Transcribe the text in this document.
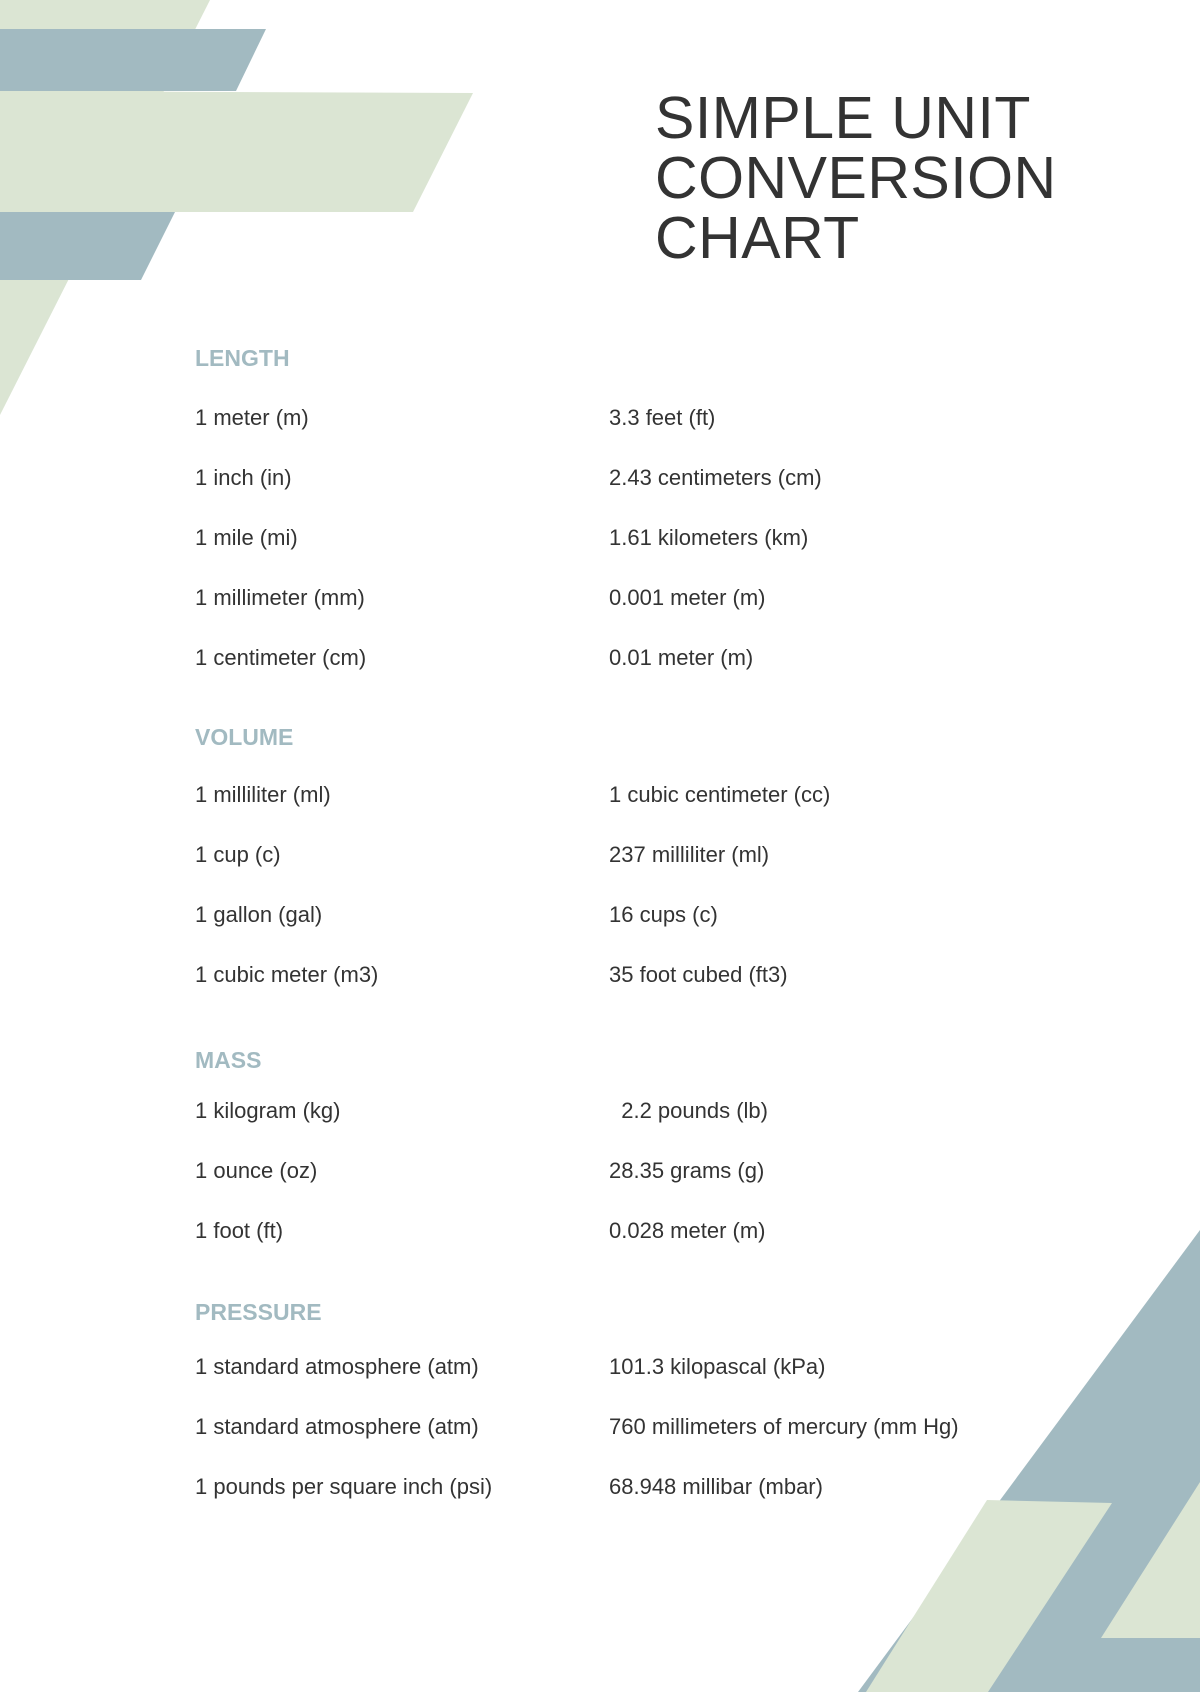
SIMPLE UNIT
CONVERSION
CHART
LENGTH
1 meter (m)	3.3 feet (ft)
1 inch (in)	2.43 centimeters (cm)
1 mile (mi)	1.61 kilometers (km)
1 millimeter (mm)	0.001 meter (m)
1 centimeter (cm)	0.01 meter (m)
VOLUME
1 milliliter (ml)	1 cubic centimeter (cc)
1 cup (c)	237 milliliter (ml)
1 gallon (gal)	16 cups (c)
1 cubic meter (m3)	35 foot cubed (ft3)
MASS
1 kilogram (kg)	2.2 pounds (lb)
1 ounce (oz)	28.35 grams (g)
1 foot (ft)	0.028 meter (m)
PRESSURE
1 standard atmosphere (atm)	101.3 kilopascal (kPa)
1 standard atmosphere (atm)	760 millimeters of mercury (mm Hg)
1 pounds per square inch (psi)	68.948 millibar (mbar)
